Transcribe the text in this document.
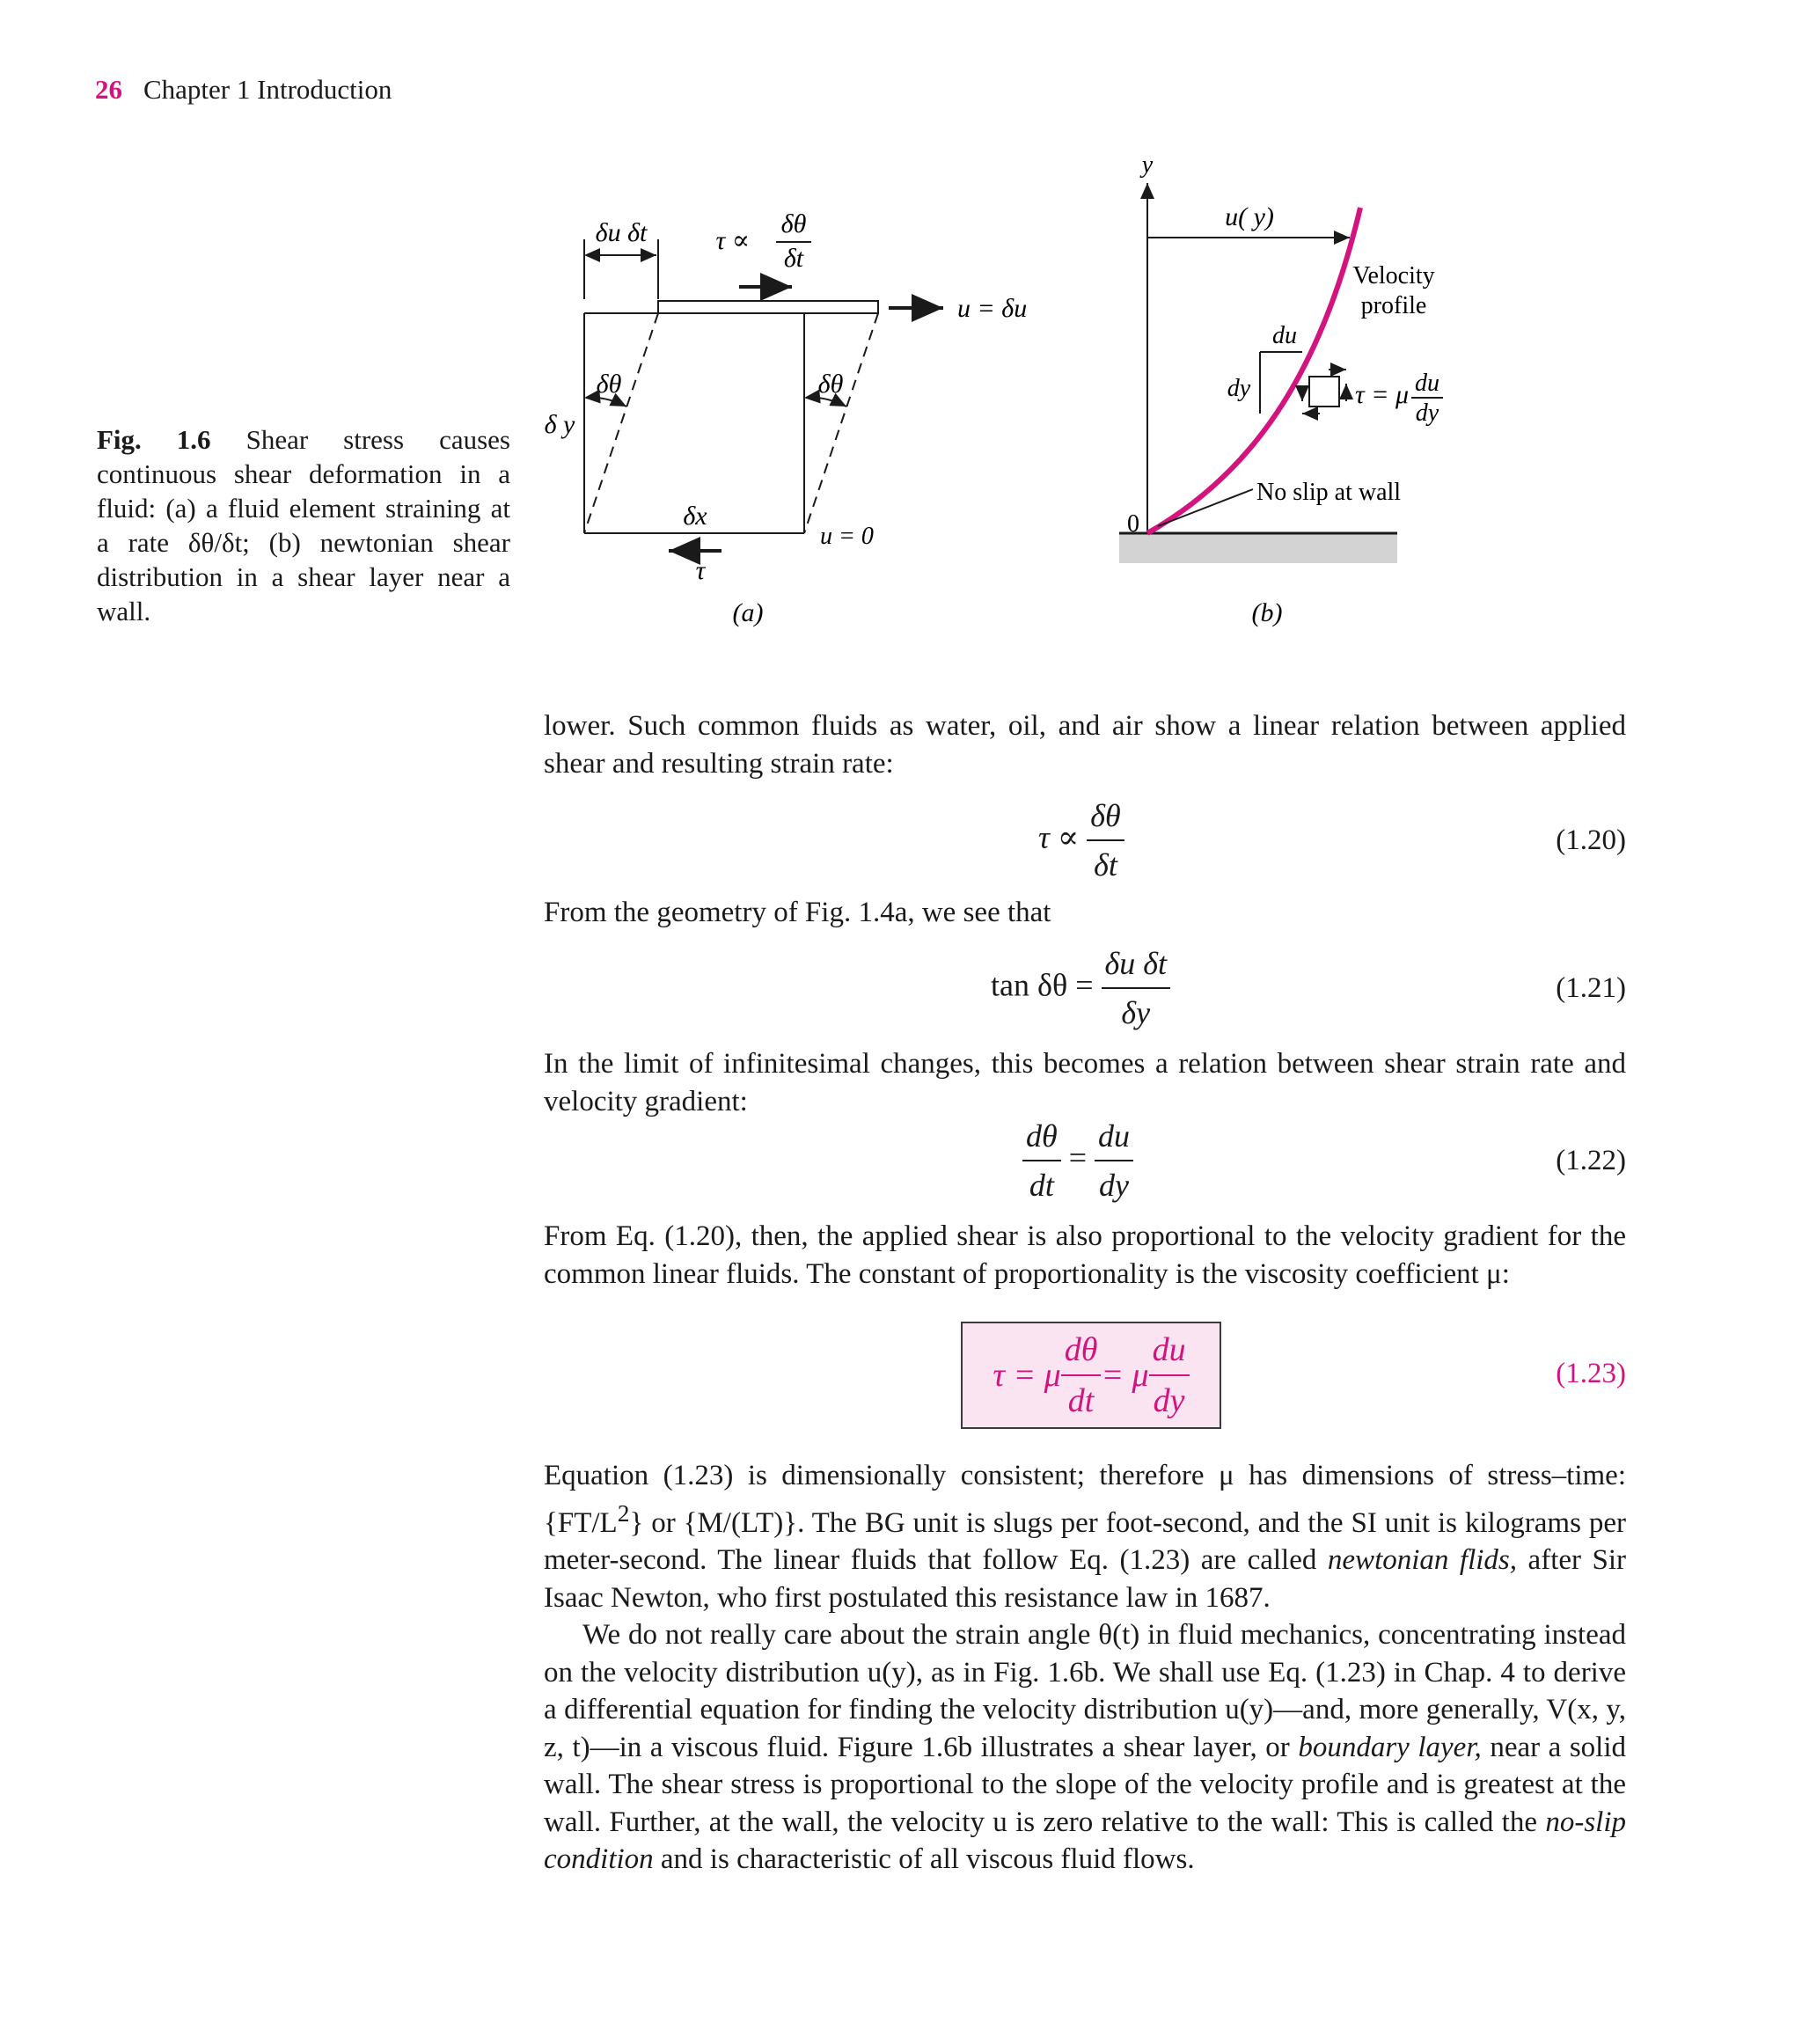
26 Chapter 1 Introduction
Fig. 1.6 Shear stress causes continuous shear deformation in a fluid: (a) a fluid element straining at a rate δθ/δt; (b) newtonian shear distribution in a shear layer near a wall.
δu δt	τ ∝
δθ
δt
u = δu
δθ	δθ
δ y
δx
u = 0
τ
(a)
y
u( y)
Velocity
profile
du
dy	τ = μ du
dy
No slip at wall
0
(b)

lower. Such common fluids as water, oil, and air show a linear relation between applied shear and resulting strain rate:

$\tau \propto \frac{\delta\theta}{\delta t}$	(1.20)

From the geometry of Fig. 1.4a, we see that

$\tan \delta\theta = \frac{\text{δu δt}}{\delta y}$	(1.21)

In the limit of infinitesimal changes, this becomes a relation between shear strain rate and velocity gradient:

$\frac{d\theta}{dt} = \frac{du}{dy}$	(1.22)

From Eq. (1.20), then, the applied shear is also proportional to the velocity gradient for the common linear fluids. The constant of proportionality is the viscosity coefficient μ:

τ = μ $\frac{d\theta}{dt} = \mu \frac{du}{dy}$	(1.23)

Equation (1.23) is dimensionally consistent; therefore μ has dimensions of stress–time: $\{FT/L^2\}$ or {M/(LT)}. The BG unit is slugs per foot-second, and the SI unit is kilograms per meter-second. The linear fluids that follow Eq. (1.23) are called newtonian flids, after Sir Isaac Newton, who first postulated this resistance law in 1687.

We do not really care about the strain angle θ(t) in fluid mechanics, concentrating instead on the velocity distribution u(y), as in Fig. 1.6b. We shall use Eq. (1.23) in Chap. 4 to derive a differential equation for finding the velocity distribution u(y)—and, more generally, V(x, y, z, t)—in a viscous fluid. Figure 1.6b illustrates a shear layer, or boundary layer, near a solid wall. The shear stress is proportional to the slope of the velocity profile and is greatest at the wall. Further, at the wall, the velocity u is zero relative to the wall: This is called the no-slip condition and is characteristic of all viscous fluid flows.
